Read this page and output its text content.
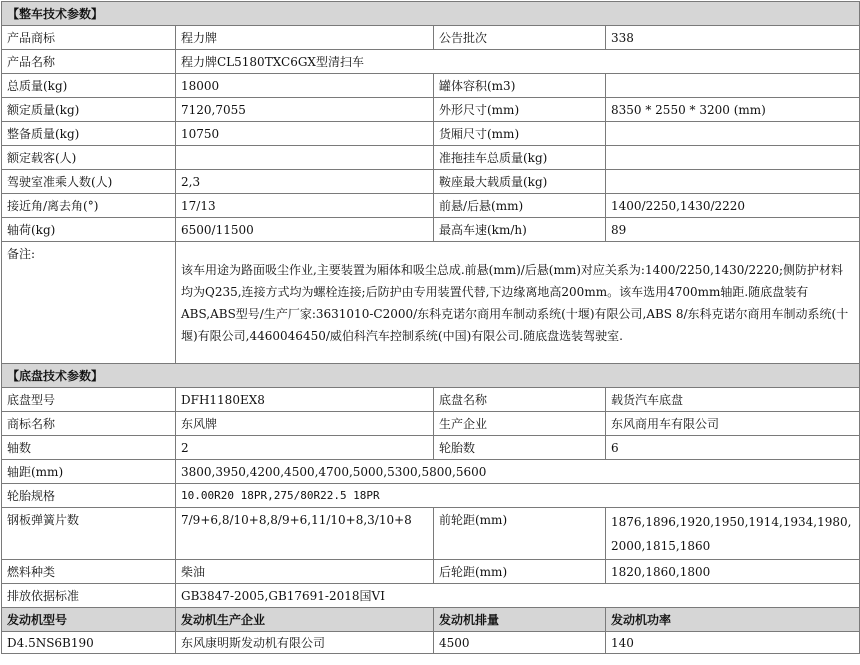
【整车技术参数】			
产品商标	程力牌	公告批次	338
产品名称	程力牌CL5180TXC6GX型清扫车		
总质量(kg)	18000	罐体容积(m3)	
额定质量(kg)	7120,7055	外形尺寸(mm)	8350 * 2550 * 3200 (mm)
整备质量(kg)	10750	货厢尺寸(mm)	
额定载客(人)		准拖挂车总质量(kg)	
驾驶室准乘人数(人)	2,3	鞍座最大载质量(kg)	
接近角/离去角(°)	17/13	前悬/后悬(mm)	1400/2250,1430/2220
轴荷(kg)	6500/11500	最高车速(km/h)	89
备注:	该车用途为路面吸尘作业,主要装置为厢体和吸尘总成.前悬(mm)/后悬(mm)对应关系为:1400/2250,1430/2220;侧防护材料均为Q235,连接方式均为螺栓连接;后防护由专用装置代替,下边缘离地高200mm。该车选用4700mm轴距.随底盘装有ABS,ABS型号/生产厂家:3631010-C2000/东科克诺尔商用车制动系统(十堰)有限公司,ABS 8/东科克诺尔商用车制动系统(十堰)有限公司,4460046450/威伯科汽车控制系统(中国)有限公司.随底盘选装驾驶室.		
【底盘技术参数】			
底盘型号	DFH1180EX8	底盘名称	载货汽车底盘
商标名称	东风牌	生产企业	东风商用车有限公司
轴数	2	轮胎数	6
轴距(mm)	3800,3950,4200,4500,4700,5000,5300,5800,5600		
轮胎规格	10.00R20 18PR,275/80R22.5 18PR		
钢板弹簧片数	7/9+6,8/10+8,8/9+6,11/10+8,3/10+8	前轮距(mm)	1876,1896,1920,1950,1914,1934,1980,2000,1815,1860
燃料种类	柴油	后轮距(mm)	1820,1860,1800
排放依据标准	GB3847-2005,GB17691-2018国VI		
发动机型号	发动机生产企业	发动机排量	发动机功率
D4.5NS6B190	东风康明斯发动机有限公司	4500	140
